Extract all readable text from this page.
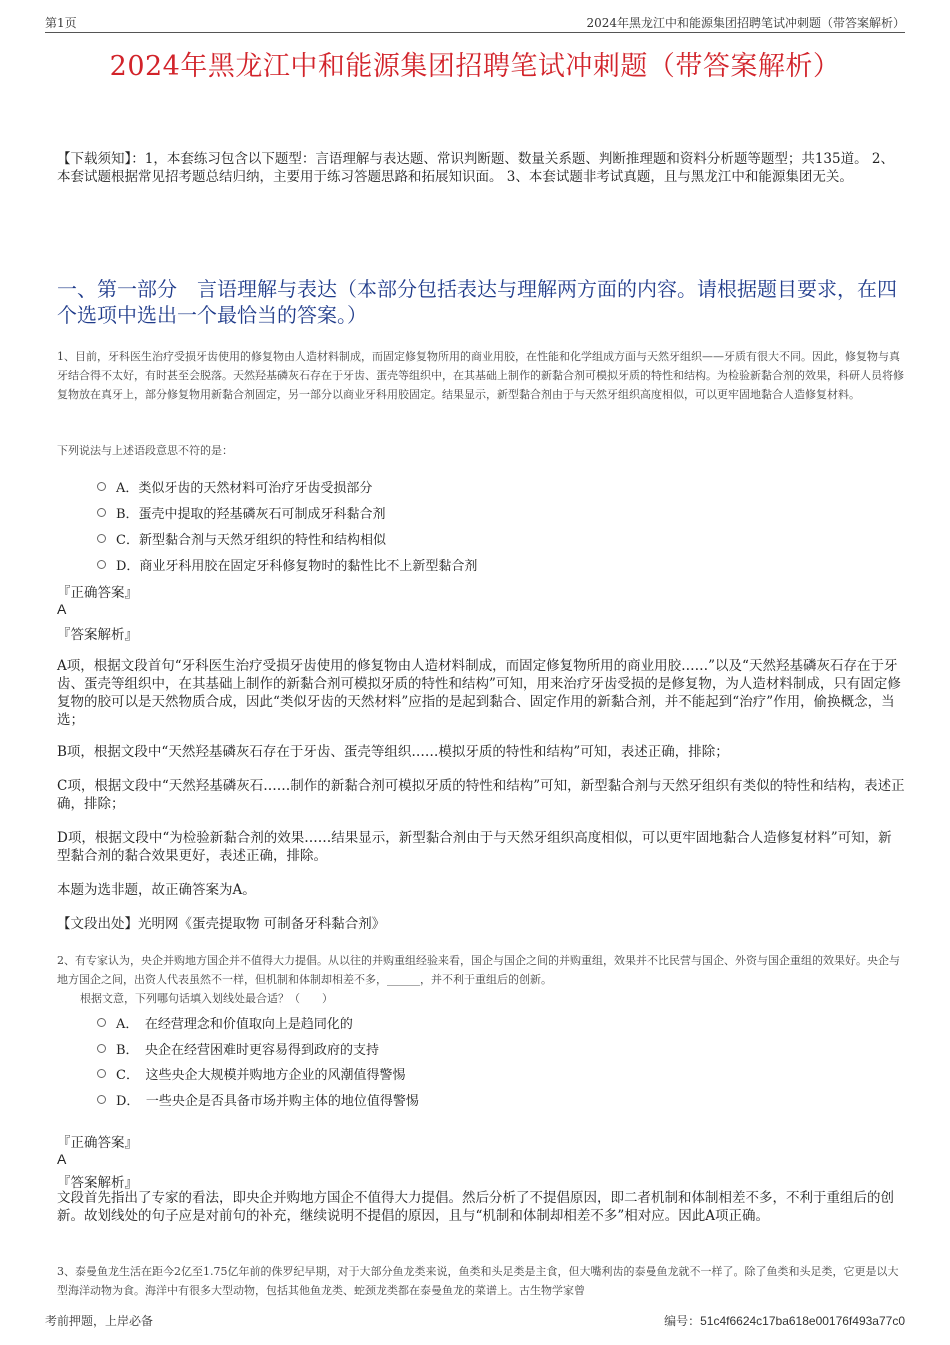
第1页	2024年黑龙江中和能源集团招聘笔试冲刺题（带答案解析）
2024年黑龙江中和能源集团招聘笔试冲刺题（带答案解析）
【下载须知】：1，本套练习包含以下题型：言语理解与表达题、常识判断题、数量关系题、判断推理题和资料分析题等题型；共135道。 2、本套试题根据常见招考题总结归纳，主要用于练习答题思路和拓展知识面。 3、本套试题非考试真题，且与黑龙江中和能源集团无关。
一、第一部分　言语理解与表达（本部分包括表达与理解两方面的内容。请根据题目要求，在四个选项中选出一个最恰当的答案。）
1、目前，牙科医生治疗受损牙齿使用的修复物由人造材料制成，而固定修复物所用的商业用胶，在性能和化学组成方面与天然牙组织——牙质有很大不同。因此，修复物与真牙结合得不太好，有时甚至会脱落。天然羟基磷灰石存在于牙齿、蛋壳等组织中，在其基础上制作的新黏合剂可模拟牙质的特性和结构。为检验新黏合剂的效果，科研人员将修复物放在真牙上，部分修复物用新黏合剂固定，另一部分以商业牙科用胶固定。结果显示，新型黏合剂由于与天然牙组织高度相似，可以更牢固地黏合人造修复材料。
下列说法与上述语段意思不符的是：
A．类似牙齿的天然材料可治疗牙齿受损部分
B．蛋壳中提取的羟基磷灰石可制成牙科黏合剂
C．新型黏合剂与天然牙组织的特性和结构相似
D．商业牙科用胶在固定牙科修复物时的黏性比不上新型黏合剂
『正确答案』
A
『答案解析』
A项，根据文段首句“牙科医生治疗受损牙齿使用的修复物由人造材料制成，而固定修复物所用的商业用胶……”以及“天然羟基磷灰石存在于牙齿、蛋壳等组织中，在其基础上制作的新黏合剂可模拟牙质的特性和结构”可知，用来治疗牙齿受损的是修复物，为人造材料制成，只有固定修复物的胶可以是天然物质合成，因此“类似牙齿的天然材料”应指的是起到黏合、固定作用的新黏合剂，并不能起到“治疗”作用，偷换概念，当选；
B项，根据文段中“天然羟基磷灰石存在于牙齿、蛋壳等组织……模拟牙质的特性和结构”可知，表述正确，排除；
C项，根据文段中“天然羟基磷灰石……制作的新黏合剂可模拟牙质的特性和结构”可知，新型黏合剂与天然牙组织有类似的特性和结构，表述正确，排除；
D项，根据文段中“为检验新黏合剂的效果……结果显示，新型黏合剂由于与天然牙组织高度相似，可以更牢固地黏合人造修复材料”可知，新型黏合剂的黏合效果更好，表述正确，排除。
本题为选非题，故正确答案为A。
【文段出处】光明网《蛋壳提取物 可制备牙科黏合剂》
2、有专家认为，央企并购地方国企并不值得大力提倡。从以往的并购重组经验来看，国企与国企之间的并购重组，效果并不比民营与国企、外资与国企重组的效果好。央企与地方国企之间，出资人代表虽然不一样，但机制和体制却相差不多，______，并不利于重组后的创新。
根据文意，下列哪句话填入划线处最合适？（　　）
A．　在经营理念和价值取向上是趋同化的
B．　央企在经营困难时更容易得到政府的支持
C．　这些央企大规模并购地方企业的风潮值得警惕
D．　一些央企是否具备市场并购主体的地位值得警惕
『正确答案』
A
『答案解析』
文段首先指出了专家的看法，即央企并购地方国企不值得大力提倡。然后分析了不提倡原因，即二者机制和体制相差不多，不利于重组后的创新。故划线处的句子应是对前句的补充，继续说明不提倡的原因，且与“机制和体制却相差不多”相对应。因此A项正确。
3、泰曼鱼龙生活在距今2亿至1.75亿年前的侏罗纪早期，对于大部分鱼龙类来说，鱼类和头足类是主食，但大嘴利齿的泰曼鱼龙就不一样了。除了鱼类和头足类，它更是以大型海洋动物为食。海洋中有很多大型动物，包括其他鱼龙类、蛇颈龙类都在泰曼鱼龙的菜谱上。古生物学家曾
考前押题，上岸必备	编号：51c4f6624c17ba618e00176f493a77c0
